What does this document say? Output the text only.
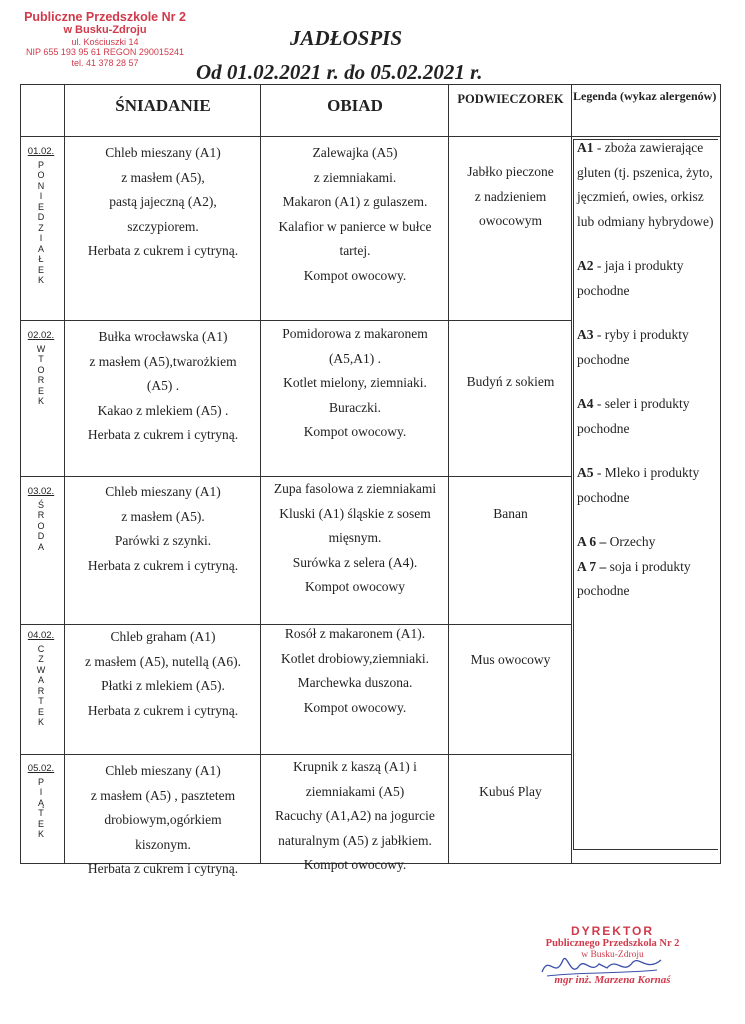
Publiczne Przedszkole Nr 2
w Busku-Zdroju
ul. Kościuszki 14
NIP 655 193 95 61 REGON 290015241
tel. 41 378 28 57
JADŁOSPIS
Od 01.02.2021 r. do 05.02.2021 r.
ŚNIADANIE	OBIAD	PODWIECZOREK Legenda (wykaz alergenów)
01.02.
P
O
N
I
E
D
Z
I
A
Ł
E
K
Chleb mieszany (A1)
z masłem (A5),
pastą jajeczną (A2),
szczypiorem.
Herbata z cukrem i cytryną.
Zalewajka (A5)
z ziemniakami.
Makaron (A1) z gulaszem.
Kalafior w panierce w bułce
tartej.
Kompot owocowy.
Jabłko pieczone
z nadzieniem
owocowym
02.02.
W
T
O
R
E
K
Bułka wrocławska (A1)
z masłem (A5),twarożkiem
(A5) .
Kakao z mlekiem (A5) .
Herbata z cukrem i cytryną.
Pomidorowa z makaronem
(A5,A1) .
Kotlet mielony, ziemniaki.
Buraczki.
Kompot owocowy.
Budyń z sokiem
03.02.
Ś
R
O
D
A
Chleb mieszany (A1)
z masłem (A5).
Parówki z szynki.
Herbata z cukrem i cytryną.
Zupa fasolowa z ziemniakami
Kluski (A1) śląskie z sosem
mięsnym.
Surówka z selera (A4).
Kompot owocowy
Banan
04.02.
C
Z
W
A
R
T
E
K
Chleb graham (A1)
z masłem (A5), nutellą (A6).
Płatki z mlekiem (A5).
Herbata z cukrem i cytryną.
Rosół z makaronem (A1).
Kotlet drobiowy,ziemniaki.
Marchewka duszona.
Kompot owocowy.
Mus owocowy
05.02.
P
I
Ą
T
E
K
Chleb mieszany (A1)
z masłem (A5) , pasztetem
drobiowym,ogórkiem
kiszonym.
Herbata z cukrem i cytryną.
Krupnik z kaszą (A1) i
ziemniakami (A5)
Racuchy (A1,A2) na jogurcie
naturalnym (A5) z jabłkiem.
Kompot owocowy.
Kubuś Play
A1 - zboża zawierające gluten (tj. pszenica, żyto, jęczmień, owies, orkisz lub odmiany hybrydowe)
A2 - jaja i produkty pochodne
A3 - ryby i produkty pochodne
A4 - seler i produkty pochodne
A5 - Mleko i produkty pochodne
A 6 – Orzechy
A 7 – soja i produkty pochodne
DYREKTOR
Publicznego Przedszkola Nr 2
w Busku-Zdroju
mgr inż. Marzena Kornaś
